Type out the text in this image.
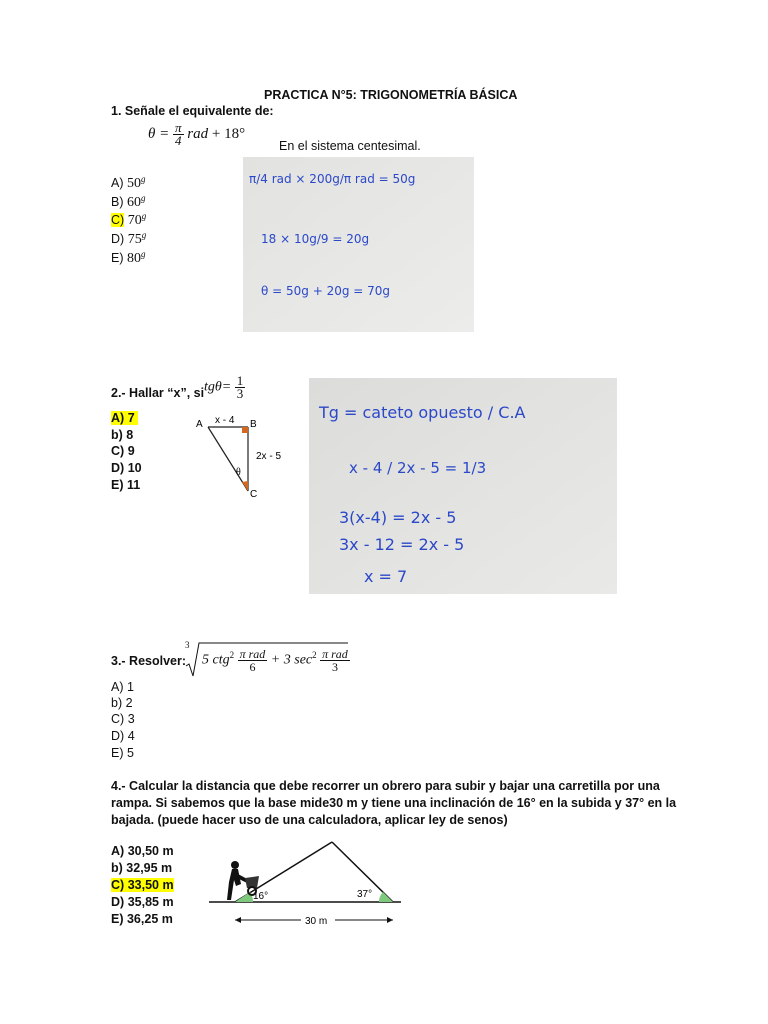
PRACTICA N°5: TRIGONOMETRÍA BÁSICA
1. Señale el equivalente de:
$\theta = \frac{\pi}{4}$ rad + 18°
En el sistema centesimal.
A) 50$^g$
B) 60$^g$
C) 70$^g$
D) 75$^g$
E) 80$^g$
π/4 rad × 200g/π rad = 50g
18 × 10g/9 = 20g
θ = 50g + 20g = 70g
2.- Hallar “x”, si $tg\theta= \frac{1}{3}$
A) 7
b) 8
C) 9
D) 10
E) 11
A	B
C
x - 4
2x - 5
θ
Tg = cateto opuesto / C.A
x - 4 / 2x - 5 = 1/3
3(x-4) = 2x - 5
3x - 12 = 2x - 5
x = 7
3.- Resolver:
3
5 $ctg^2 \frac{\text{π rad}}{6} + 3$ $\sec^2 \frac{\text{π rad}}{3}$
A) 1
b) 2
C) 3
D) 4
E) 5
4.- Calcular la distancia que debe recorrer un obrero para subir y bajar una carretilla por una
rampa. Si sabemos que la base mide30 m y tiene una inclinación de 16° en la subida y 37° en la
bajada. (puede hacer uso de una calculadora, aplicar ley de senos)
A) 30,50 m
b) 32,95 m
C) 33,50 m
D) 35,85 m
E) 36,25 m
16°	37°
30 m
